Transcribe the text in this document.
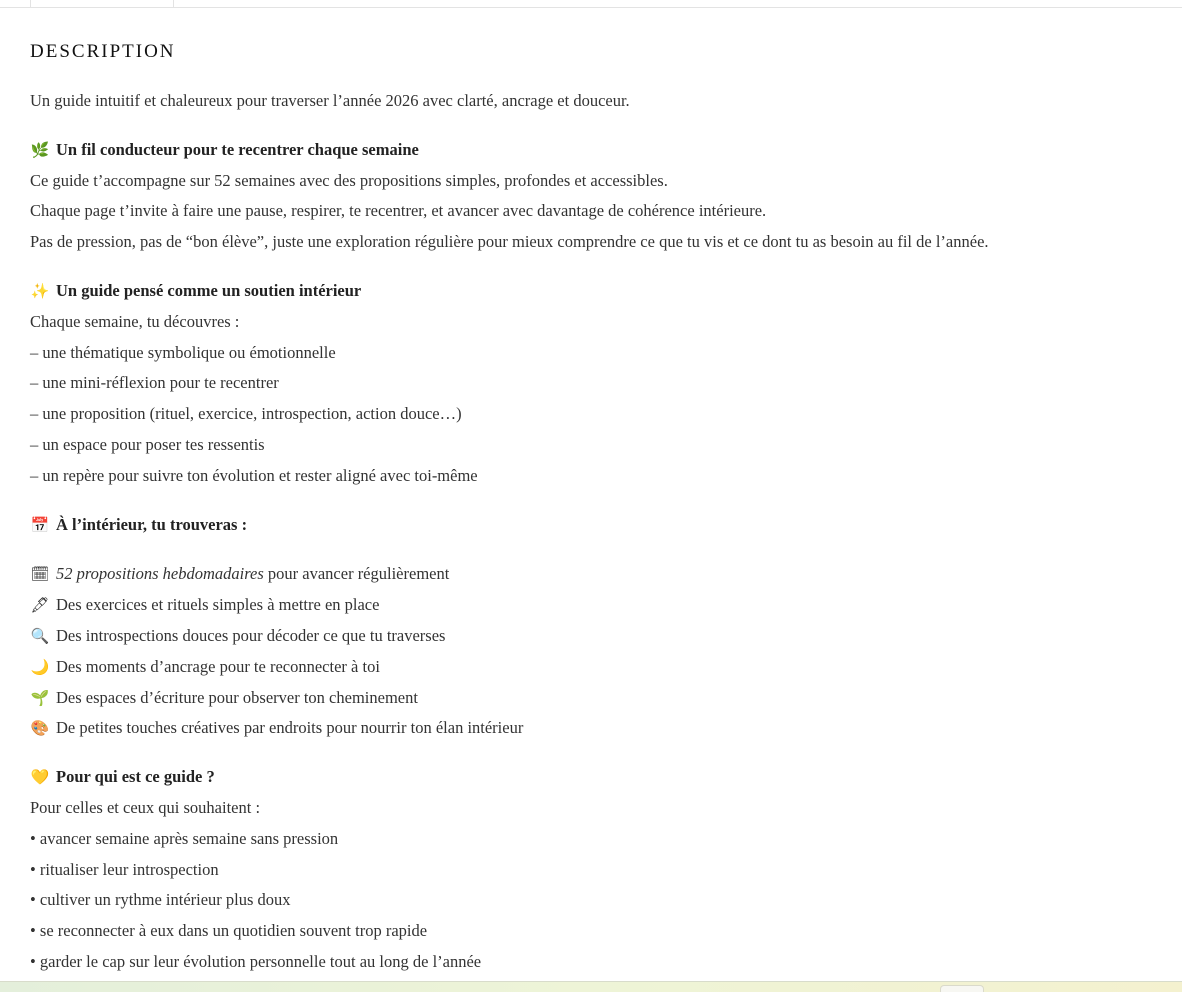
DESCRIPTION

Un guide intuitif et chaleureux pour traverser l’année 2026 avec clarté, ancrage et douceur.

🌿 Un fil conducteur pour te recentrer chaque semaine

Ce guide t’accompagne sur 52 semaines avec des propositions simples, profondes et accessibles.

Chaque page t’invite à faire une pause, respirer, te recentrer, et avancer avec davantage de cohérence intérieure.

Pas de pression, pas de “bon élève”, juste une exploration régulière pour mieux comprendre ce que tu vis et ce dont tu as besoin au fil de l’année.

✨ Un guide pensé comme un soutien intérieur

Chaque semaine, tu découvres :

– une thématique symbolique ou émotionnelle

– une mini-réflexion pour te recentrer

– une proposition (rituel, exercice, introspection, action douce…)

– un espace pour poser tes ressentis

– un repère pour suivre ton évolution et rester aligné avec toi-même

📅 À l’intérieur, tu trouveras :

🗓 52 propositions hebdomadaires pour avancer régulièrement

🖋 Des exercices et rituels simples à mettre en place

🔍 Des introspections douces pour décoder ce que tu traverses

🌙 Des moments d’ancrage pour te reconnecter à toi

🌱 Des espaces d’écriture pour observer ton cheminement

🎨 De petites touches créatives par endroits pour nourrir ton élan intérieur

💛 Pour qui est ce guide ?

Pour celles et ceux qui souhaitent :

• avancer semaine après semaine sans pression

• ritualiser leur introspection

• cultiver un rythme intérieur plus doux

• se reconnecter à eux dans un quotidien souvent trop rapide

• garder le cap sur leur évolution personnelle tout au long de l’année
